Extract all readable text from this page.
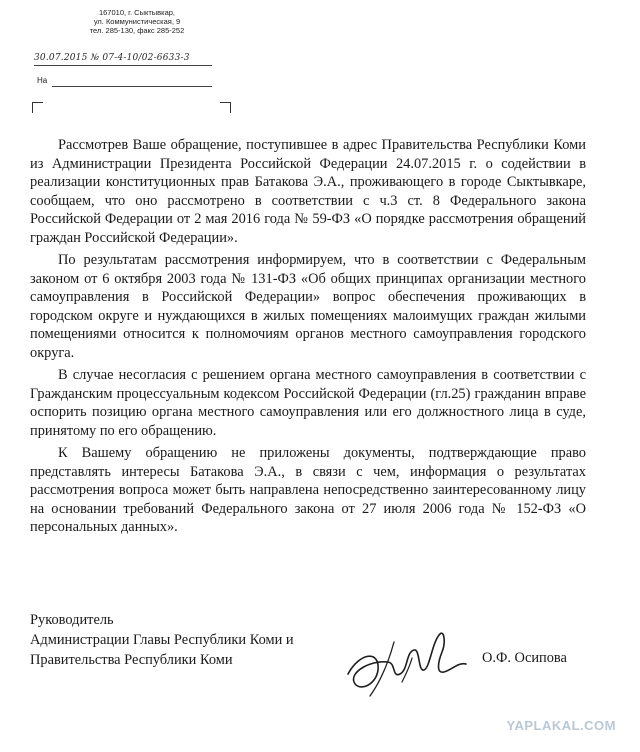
167010, г. Сыктывкар,
ул. Коммунистическая, 9
тел. 285-130, факс 285-252
30.07.2015 № 07-4-10/02-6633-3
На

Рассмотрев Ваше обращение, поступившее в адрес Правительства Республики Коми из Администрации Президента Российской Федерации 24.07.2015 г. о содействии в реализации конституционных прав Батакова Э.А., проживающего в городе Сыктывкаре, сообщаем, что оно рассмотрено в соответствии с ч.3 ст. 8 Федерального закона Российской Федерации от 2 мая 2016 года № 59-ФЗ «О порядке рассмотрения обращений граждан Российской Федерации».

По результатам рассмотрения информируем, что в соответствии с Федеральным законом от 6 октября 2003 года № 131-ФЗ «Об общих принципах организации местного самоуправления в Российской Федерации» вопрос обеспечения проживающих в городском округе и нуждающихся в жилых помещениях малоимущих граждан жилыми помещениями относится к полномочиям органов местного самоуправления городского округа.

В случае несогласия с решением органа местного самоуправления в соответствии с Гражданским процессуальным кодексом Российской Федерации (гл.25) гражданин вправе оспорить позицию органа местного самоуправления или его должностного лица в суде, принятому по его обращению.

К Вашему обращению не приложены документы, подтверждающие право представлять интересы Батакова Э.А., в связи с чем, информация о результатах рассмотрения вопроса может быть направлена непосредственно заинтересованному лицу на основании требований Федерального закона от 27 июля 2006 года № 152-ФЗ «О персональных данных».

Руководитель
Администрации Главы Республики Коми и
Правительства Республики Коми	О.Ф. Осипова
YAPLAKAL.COM
